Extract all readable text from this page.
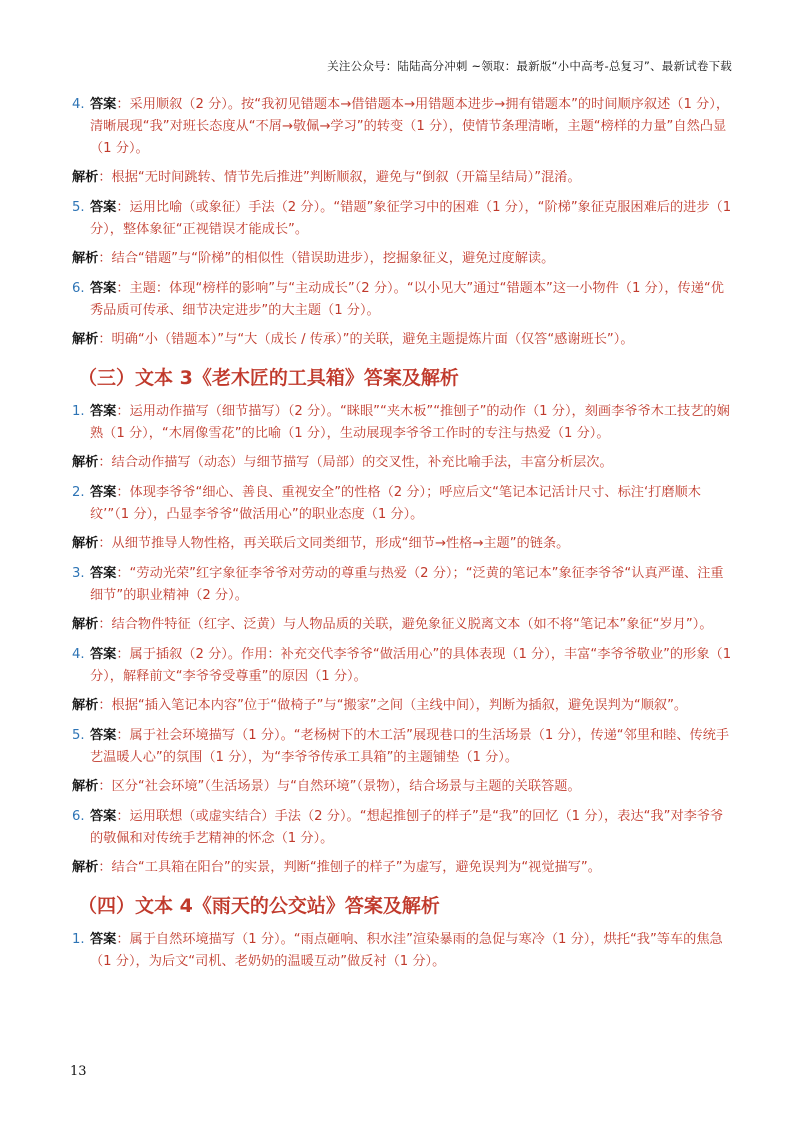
关注公众号：陆陆高分冲刺 ~领取：最新版“小中高考-总复习”、最新试卷下载
4. 答案：采用顺叙（2 分）。按“我初见错题本→借错题本→用错题本进步→拥有错题本”的时间顺序叙述（1 分），清晰展现“我”对班长态度从“不屑→敬佩→学习”的转变（1 分），使情节条理清晰，主题“榜样的力量”自然凸显（1 分）。
解析：根据“无时间跳转、情节先后推进”判断顺叙，避免与“倒叙（开篇呈结局）”混淆。
5. 答案：运用比喻（或象征）手法（2 分）。“错题”象征学习中的困难（1 分），“阶梯”象征克服困难后的进步（1 分），整体象征“正视错误才能成长”。
解析：结合“错题”与“阶梯”的相似性（错误助进步），挖掘象征义，避免过度解读。
6. 答案：主题：体现“榜样的影响”与“主动成长”（2 分）。“以小见大”通过“错题本”这一小物件（1 分），传递“优秀品质可传承、细节决定进步”的大主题（1 分）。
解析：明确“小（错题本）”与“大（成长 / 传承）”的关联，避免主题提炼片面（仅答“感谢班长”）。
（三）文本 3《老木匠的工具箱》答案及解析
1. 答案：运用动作描写（细节描写）（2 分）。“眯眼”“夹木板”“推刨子”的动作（1 分），刻画李爷爷木工技艺的娴熟（1 分），“木屑像雪花”的比喻（1 分），生动展现李爷爷工作时的专注与热爱（1 分）。
解析：结合动作描写（动态）与细节描写（局部）的交叉性，补充比喻手法，丰富分析层次。
2. 答案：体现李爷爷“细心、善良、重视安全”的性格（2 分）；呼应后文“笔记本记活计尺寸、标注‘打磨顺木纹’”（1 分），凸显李爷爷“做活用心”的职业态度（1 分）。
解析：从细节推导人物性格，再关联后文同类细节，形成“细节→性格→主题”的链条。
3. 答案：“劳动光荣”红字象征李爷爷对劳动的尊重与热爱（2 分）；“泛黄的笔记本”象征李爷爷“认真严谨、注重细节”的职业精神（2 分）。
解析：结合物件特征（红字、泛黄）与人物品质的关联，避免象征义脱离文本（如不将“笔记本”象征“岁月”）。
4. 答案：属于插叙（2 分）。作用：补充交代李爷爷“做活用心”的具体表现（1 分），丰富“李爷爷敬业”的形象（1 分），解释前文“李爷爷受尊重”的原因（1 分）。
解析：根据“插入笔记本内容”位于“做椅子”与“搬家”之间（主线中间），判断为插叙，避免误判为“顺叙”。
5. 答案：属于社会环境描写（1 分）。“老杨树下的木工活”展现巷口的生活场景（1 分），传递“邻里和睦、传统手艺温暖人心”的氛围（1 分），为“李爷爷传承工具箱”的主题铺垫（1 分）。
解析：区分“社会环境”（生活场景）与“自然环境”（景物），结合场景与主题的关联答题。
6. 答案：运用联想（或虚实结合）手法（2 分）。“想起推刨子的样子”是“我”的回忆（1 分），表达“我”对李爷爷的敬佩和对传统手艺精神的怀念（1 分）。
解析：结合“工具箱在阳台”的实景，判断“推刨子的样子”为虚写，避免误判为“视觉描写”。
（四）文本 4《雨天的公交站》答案及解析
1. 答案：属于自然环境描写（1 分）。“雨点砸响、积水洼”渲染暴雨的急促与寒冷（1 分），烘托“我”等车的焦急（1 分），为后文“司机、老奶奶的温暖互动”做反衬（1 分）。
13
